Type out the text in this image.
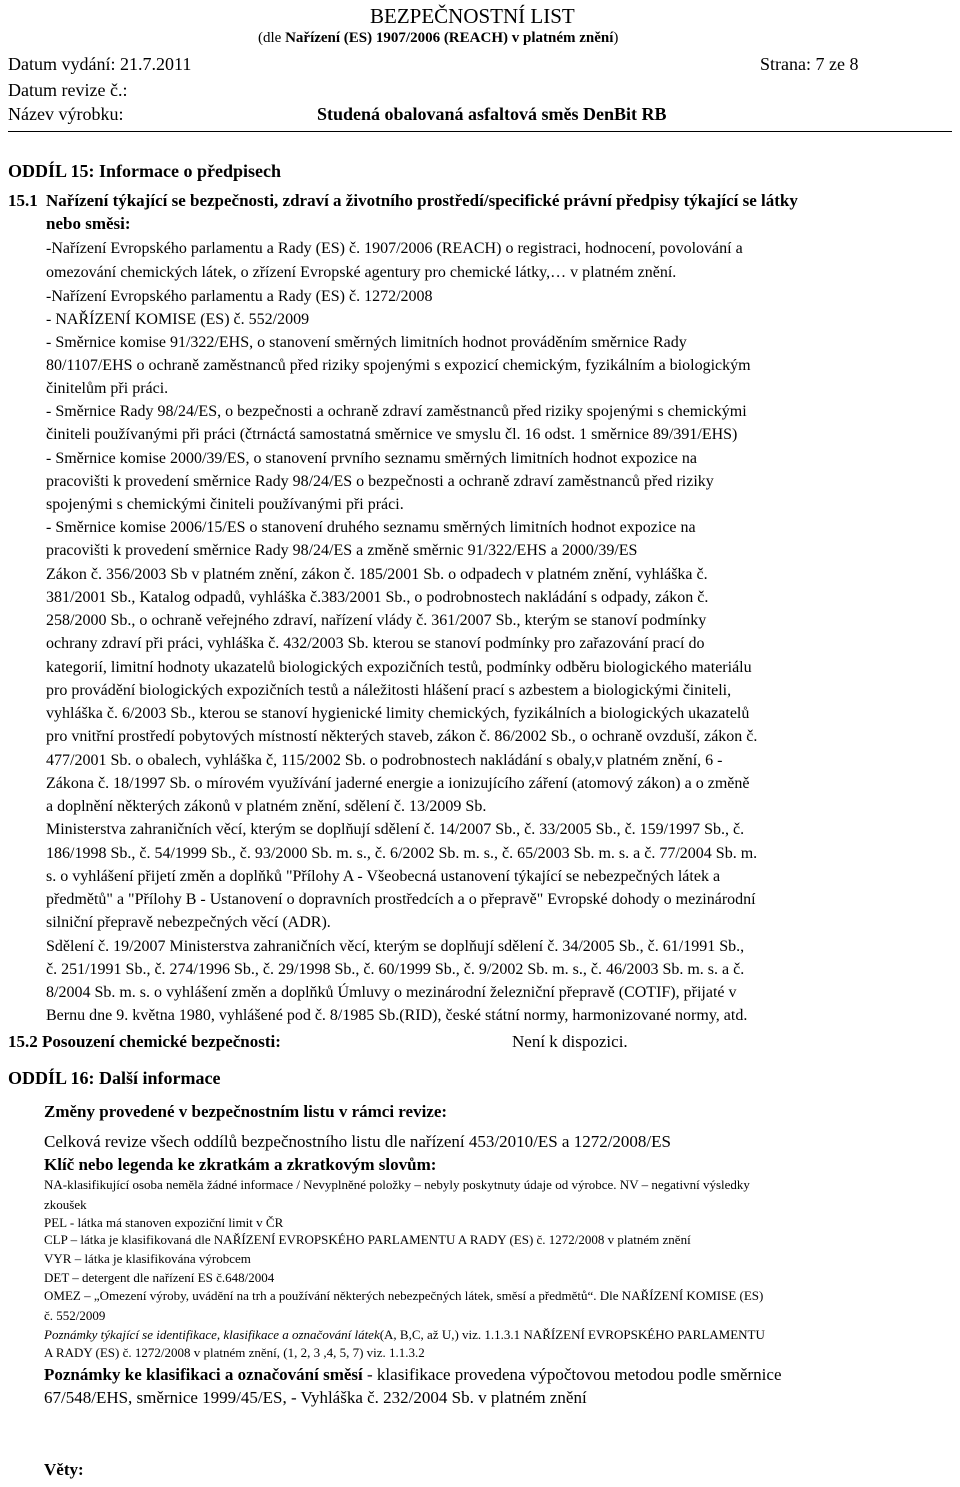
BEZPEČNOSTNÍ LIST
(dle Nařízení (ES) 1907/2006 (REACH) v platném znění)
Datum vydání: 21.7.2011	Strana: 7 ze 8
Datum revize č.:
Název výrobku:	Studená obalovaná asfaltová směs DenBit RB
ODDÍL 15: Informace o předpisech
15.1 Nařízení týkající se bezpečnosti, zdraví a životního prostředí/specifické právní předpisy týkající se látky
nebo směsi:
-Nařízení Evropského parlamentu a Rady (ES) č. 1907/2006 (REACH) o registraci, hodnocení, povolování a
omezování chemických látek, o zřízení Evropské agentury pro chemické látky,… v platném znění.
-Nařízení Evropského parlamentu a Rady (ES) č. 1272/2008
- NAŘÍZENÍ KOMISE (ES) č. 552/2009
- Směrnice komise 91/322/EHS, o stanovení směrných limitních hodnot prováděním směrnice Rady
80/1107/EHS o ochraně zaměstnanců před riziky spojenými s expozicí chemickým, fyzikálním a biologickým
činitelům při práci.
- Směrnice Rady 98/24/ES, o bezpečnosti a ochraně zdraví zaměstnanců před riziky spojenými s chemickými
činiteli používanými při práci (čtrnáctá samostatná směrnice ve smyslu čl. 16 odst. 1 směrnice 89/391/EHS)
- Směrnice komise 2000/39/ES, o stanovení prvního seznamu směrných limitních hodnot expozice na
pracovišti k provedení směrnice Rady 98/24/ES o bezpečnosti a ochraně zdraví zaměstnanců před riziky
spojenými s chemickými činiteli používanými při práci.
- Směrnice komise 2006/15/ES o stanovení druhého seznamu směrných limitních hodnot expozice na
pracovišti k provedení směrnice Rady 98/24/ES a změně směrnic 91/322/EHS a 2000/39/ES
Zákon č. 356/2003 Sb v platném znění, zákon č. 185/2001 Sb. o odpadech v platném znění, vyhláška č.
381/2001 Sb., Katalog odpadů, vyhláška č.383/2001 Sb., o podrobnostech nakládání s odpady, zákon č.
258/2000 Sb., o ochraně veřejného zdraví, nařízení vlády č. 361/2007 Sb., kterým se stanoví podmínky
ochrany zdraví při práci, vyhláška č. 432/2003 Sb. kterou se stanoví podmínky pro zařazování prací do
kategorií, limitní hodnoty ukazatelů biologických expozičních testů, podmínky odběru biologického materiálu
pro provádění biologických expozičních testů a náležitosti hlášení prací s azbestem a biologickými činiteli,
vyhláška č. 6/2003 Sb., kterou se stanoví hygienické limity chemických, fyzikálních a biologických ukazatelů
pro vnitřní prostředí pobytových místností některých staveb, zákon č. 86/2002 Sb., o ochraně ovzduší, zákon č.
477/2001 Sb. o obalech, vyhláška č, 115/2002 Sb. o podrobnostech nakládání s obaly,v platném znění, 6 -
Zákona č. 18/1997 Sb. o mírovém využívání jaderné energie a ionizujícího záření (atomový zákon) a o změně
a doplnění některých zákonů v platném znění, sdělení č. 13/2009 Sb.
Ministerstva zahraničních věcí, kterým se doplňují sdělení č. 14/2007 Sb., č. 33/2005 Sb., č. 159/1997 Sb., č.
186/1998 Sb., č. 54/1999 Sb., č. 93/2000 Sb. m. s., č. 6/2002 Sb. m. s., č. 65/2003 Sb. m. s. a č. 77/2004 Sb. m.
s. o vyhlášení přijetí změn a doplňků "Přílohy A - Všeobecná ustanovení týkající se nebezpečných látek a
předmětů" a "Přílohy B - Ustanovení o dopravních prostředcích a o přepravě" Evropské dohody o mezinárodní
silniční přepravě nebezpečných věcí (ADR).
Sdělení č. 19/2007 Ministerstva zahraničních věcí, kterým se doplňují sdělení č. 34/2005 Sb., č. 61/1991 Sb.,
č. 251/1991 Sb., č. 274/1996 Sb., č. 29/1998 Sb., č. 60/1999 Sb., č. 9/2002 Sb. m. s., č. 46/2003 Sb. m. s. a č.
8/2004 Sb. m. s. o vyhlášení změn a doplňků Úmluvy o mezinárodní železniční přepravě (COTIF), přijaté v
Bernu dne 9. května 1980, vyhlášené pod č. 8/1985 Sb.(RID), české státní normy, harmonizované normy, atd.
15.2 Posouzení chemické bezpečnosti:	Není k dispozici.
ODDÍL 16: Další informace
Změny provedené v bezpečnostním listu v rámci revize:
Celková revize všech oddílů bezpečnostního listu dle nařízení 453/2010/ES a 1272/2008/ES
Klíč nebo legenda ke zkratkám a zkratkovým slovům:
NA-klasifikující osoba neměla žádné informace / Nevyplněné položky – nebyly poskytnuty údaje od výrobce. NV – negativní výsledky
zkoušek
PEL - látka má stanoven expoziční limit v ČR
CLP – látka je klasifikovaná dle NAŘÍZENÍ EVROPSKÉHO PARLAMENTU A RADY (ES) č. 1272/2008 v platném znění
VYR – látka je klasifikována výrobcem
DET – detergent dle nařízení ES č.648/2004
OMEZ – „Omezení výroby, uvádění na trh a používání některých nebezpečných látek, směsí a předmětů“. Dle NAŘÍZENÍ KOMISE (ES)
č. 552/2009
Poznámky týkající se identifikace, klasifikace a označování látek(A, B,C, až U,) viz. 1.1.3.1 NAŘÍZENÍ EVROPSKÉHO PARLAMENTU
A RADY (ES) č. 1272/2008 v platném znění, (1, 2, 3 ,4, 5, 7) viz. 1.1.3.2
Poznámky ke klasifikaci a označování směsí - klasifikace provedena výpočtovou metodou podle směrnice
67/548/EHS, směrnice 1999/45/ES, - Vyhláška č. 232/2004 Sb. v platném znění
Věty:
